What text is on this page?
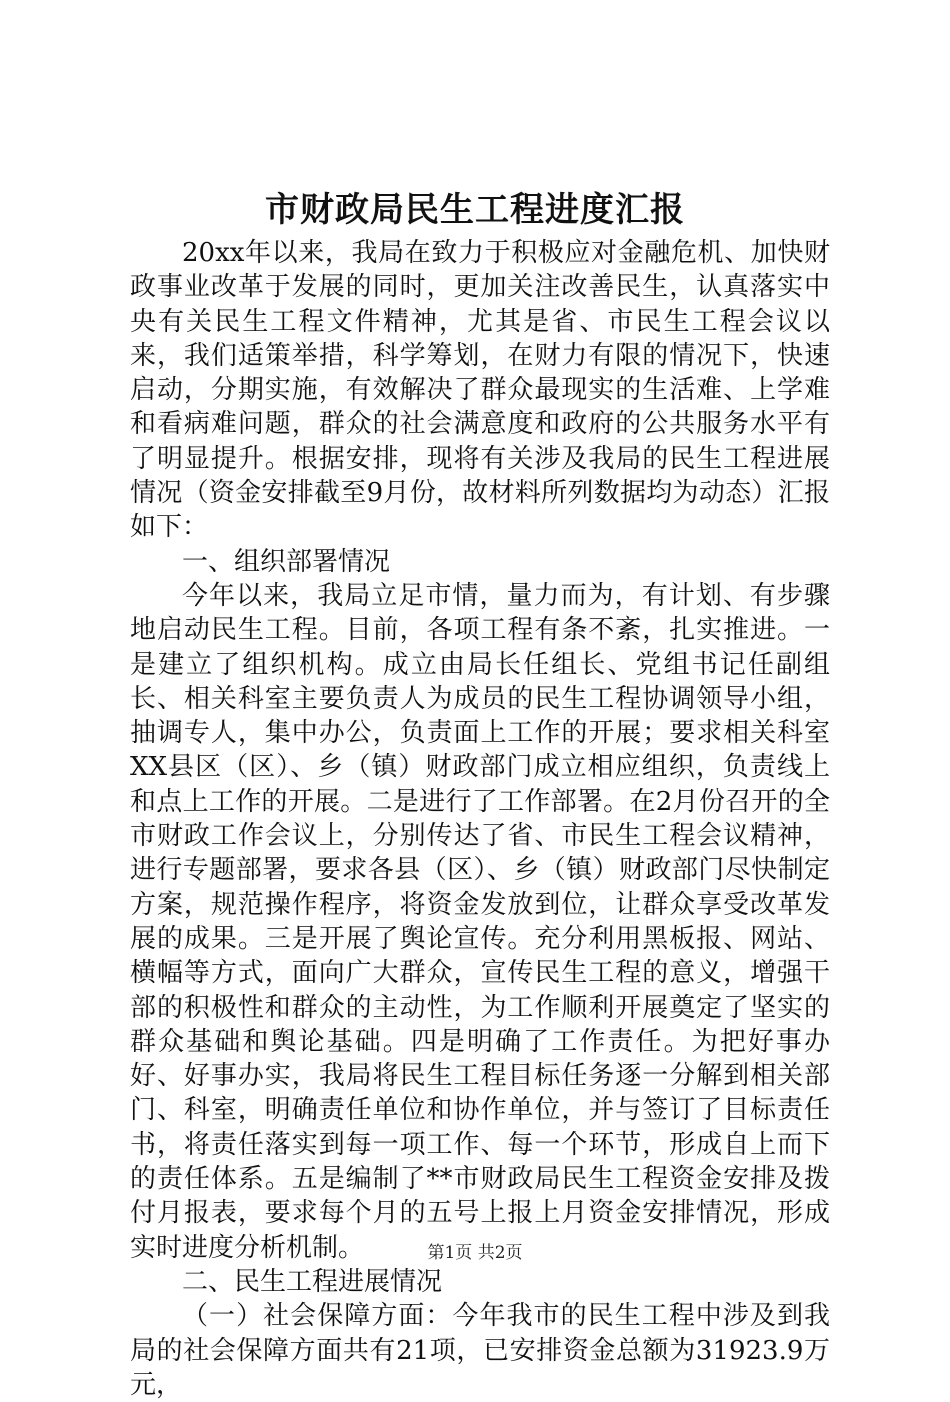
市财政局民生工程进度汇报

20xx年以来，我局在致力于积极应对金融危机、加快财政事业改革于发展的同时，更加关注改善民生，认真落实中央有关民生工程文件精神，尤其是省、市民生工程会议以来，我们适策举措，科学筹划，在财力有限的情况下，快速启动，分期实施，有效解决了群众最现实的生活难、上学难和看病难问题，群众的社会满意度和政府的公共服务水平有了明显提升。根据安排，现将有关涉及我局的民生工程进展情况（资金安排截至9月份，故材料所列数据均为动态）汇报如下：

一、组织部署情况

今年以来，我局立足市情，量力而为，有计划、有步骤地启动民生工程。目前，各项工程有条不紊，扎实推进。一是建立了组织机构。成立由局长任组长、党组书记任副组长、相关科室主要负责人为成员的民生工程协调领导小组，抽调专人，集中办公，负责面上工作的开展；要求相关科室XX县区（区）、乡（镇）财政部门成立相应组织，负责线上和点上工作的开展。二是进行了工作部署。在2月份召开的全市财政工作会议上，分别传达了省、市民生工程会议精神，进行专题部署，要求各县（区）、乡（镇）财政部门尽快制定方案，规范操作程序，将资金发放到位，让群众享受改革发展的成果。三是开展了舆论宣传。充分利用黑板报、网站、横幅等方式，面向广大群众，宣传民生工程的意义，增强干部的积极性和群众的主动性，为工作顺利开展奠定了坚实的群众基础和舆论基础。四是明确了工作责任。为把好事办好、好事办实，我局将民生工程目标任务逐一分解到相关部门、科室，明确责任单位和协作单位，并与签订了目标责任书，将责任落实到每一项工作、每一个环节，形成自上而下的责任体系。五是编制了**市财政局民生工程资金安排及拨付月报表，要求每个月的五号上报上月资金安排情况，形成实时进度分析机制。

二、民生工程进展情况

（一）社会保障方面：今年我市的民生工程中涉及到我局的社会保障方面共有21项，已安排资金总额为31923.9万元，

第1页 共2页
